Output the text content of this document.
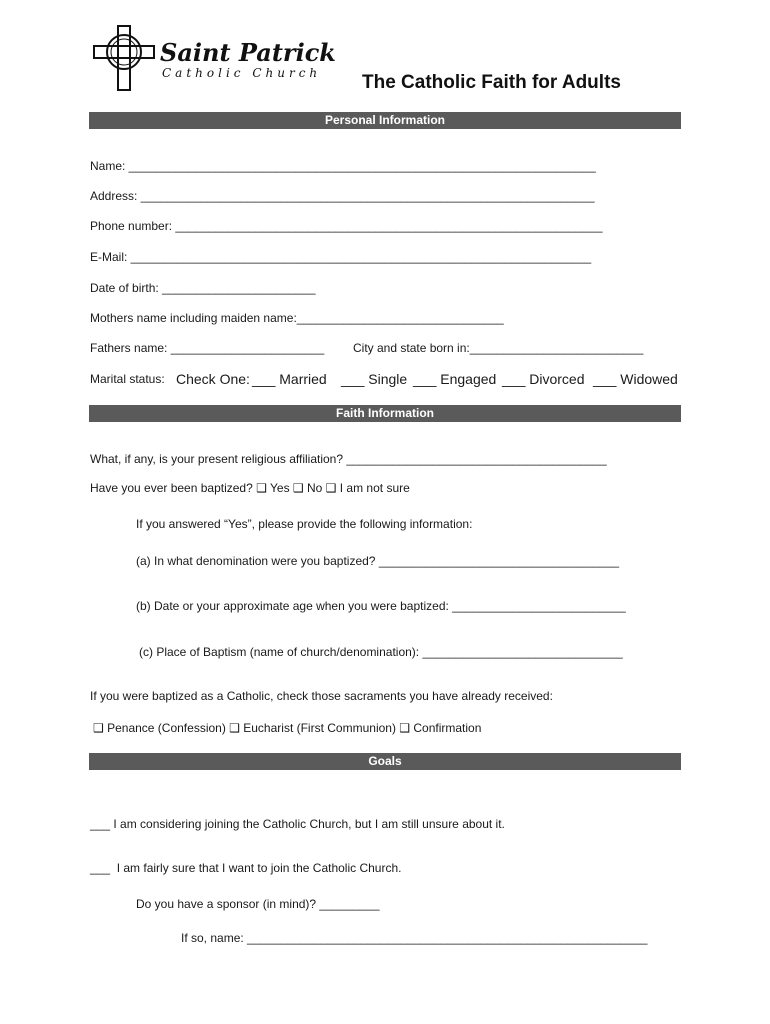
Saint Patrick
Catholic Church The Catholic Faith for Adults
Personal Information
Name: ______________________________________________________________________
Address: ____________________________________________________________________
Phone number: ________________________________________________________________
E-Mail: _____________________________________________________________________
Date of birth: _______________________
Mothers name including maiden name:_______________________________
Fathers name: _______________________ City and state born in:__________________________
Marital status: Check One: ___ Married ___ Single ___ Engaged ___ Divorced ___ Widowed
Faith Information
What, if any, is your present religious affiliation? _______________________________________
Have you ever been baptized? ❑ Yes ❑ No ❑ I am not sure
If you answered “Yes”, please provide the following information:
(a) In what denomination were you baptized? ____________________________________
(b) Date or your approximate age when you were baptized: __________________________
(c) Place of Baptism (name of church/denomination): ______________________________
If you were baptized as a Catholic, check those sacraments you have already received:
❑ Penance (Confession) ❑ Eucharist (First Communion) ❑ Confirmation
Goals
___ I am considering joining the Catholic Church, but I am still unsure about it.
___  I am fairly sure that I want to join the Catholic Church.
Do you have a sponsor (in mind)? _________
If so, name: ____________________________________________________________
